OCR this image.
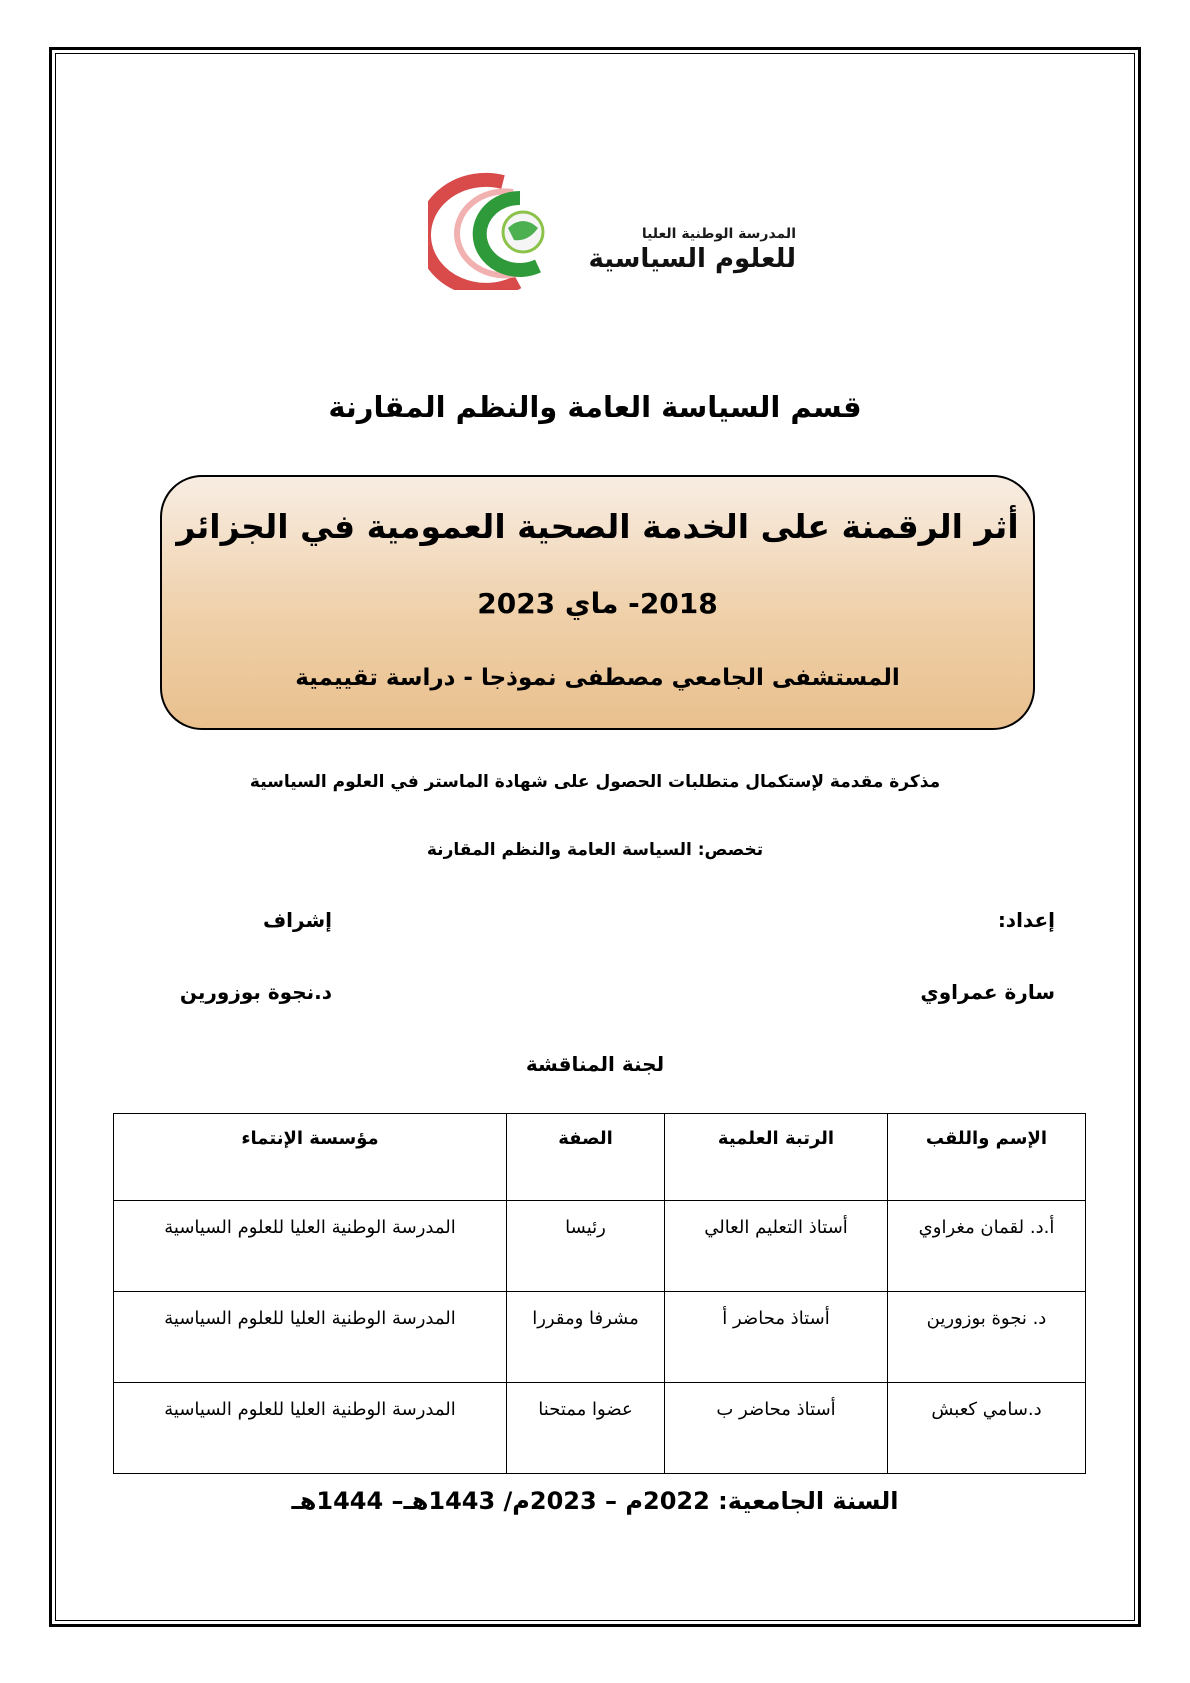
المدرسة الوطنية العليا
للعلوم السياسية
قسم السياسة العامة والنظم المقارنة
أثر الرقمنة على الخدمة الصحية العمومية في الجزائر
2018- ماي 2023
المستشفى الجامعي مصطفى نموذجا - دراسة تقييمية
مذكرة مقدمة لإستكمال متطلبات الحصول على شهادة الماستر في العلوم السياسية
تخصص: السياسة العامة والنظم المقارنة
إعداد:
إشراف
سارة عمراوي
د.نجوة بوزورين
لجنة المناقشة
الإسم واللقب	الرتبة العلمية	الصفة	مؤسسة الإنتماء
أ.د. لقمان مغراوي	أستاذ التعليم العالي	رئيسا	المدرسة الوطنية العليا للعلوم السياسية
د. نجوة بوزورين	أستاذ محاضر أ	مشرفا ومقررا	المدرسة الوطنية العليا للعلوم السياسية
د.سامي كعبش	أستاذ محاضر ب	عضوا ممتحنا	المدرسة الوطنية العليا للعلوم السياسية
السنة الجامعية: 2022م – 2023م/ 1443هـ– 1444هـ
